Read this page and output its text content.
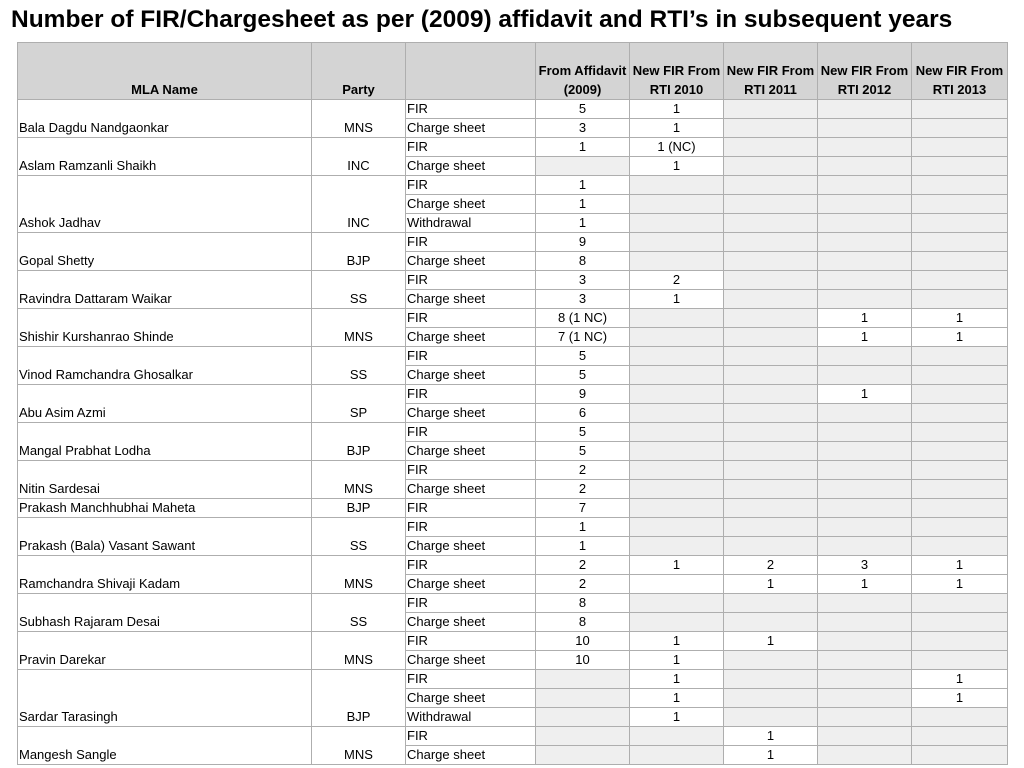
Number of FIR/Chargesheet as per (2009) affidavit and RTI’s in subsequent years
MLA Name	Party		From Affidavit (2009)	New FIR From RTI 2010	New FIR From RTI 2011	New FIR From RTI 2012	New FIR From RTI 2013
Bala Dagdu Nandgaonkar	MNS	FIR	5	1			
		Charge sheet	3	1			
Aslam Ramzanli Shaikh	INC	FIR	1	1 (NC)			
		Charge sheet		1			
Ashok Jadhav	INC	FIR	1				
		Charge sheet	1				
		Withdrawal	1				
Gopal Shetty	BJP	FIR	9				
		Charge sheet	8				
Ravindra Dattaram Waikar	SS	FIR	3	2			
		Charge sheet	3	1			
Shishir Kurshanrao Shinde	MNS	FIR	8 (1 NC)			1	1
		Charge sheet	7 (1 NC)			1	1
Vinod Ramchandra Ghosalkar	SS	FIR	5				
		Charge sheet	5				
Abu Asim Azmi	SP	FIR	9			1	
		Charge sheet	6				
Mangal Prabhat Lodha	BJP	FIR	5				
		Charge sheet	5				
Nitin Sardesai	MNS	FIR	2				
		Charge sheet	2				
Prakash Manchhubhai Maheta	BJP	FIR	7				
Prakash (Bala) Vasant Sawant	SS	FIR	1				
		Charge sheet	1				
Ramchandra Shivaji Kadam	MNS	FIR	2	1	2	3	1
		Charge sheet	2		1	1	1
Subhash Rajaram Desai	SS	FIR	8				
		Charge sheet	8				
Pravin Darekar	MNS	FIR	10	1	1		
		Charge sheet	10	1			
Sardar Tarasingh	BJP	FIR		1			1
		Charge sheet		1			1
		Withdrawal		1			
Mangesh Sangle	MNS	FIR			1		
		Charge sheet			1		
